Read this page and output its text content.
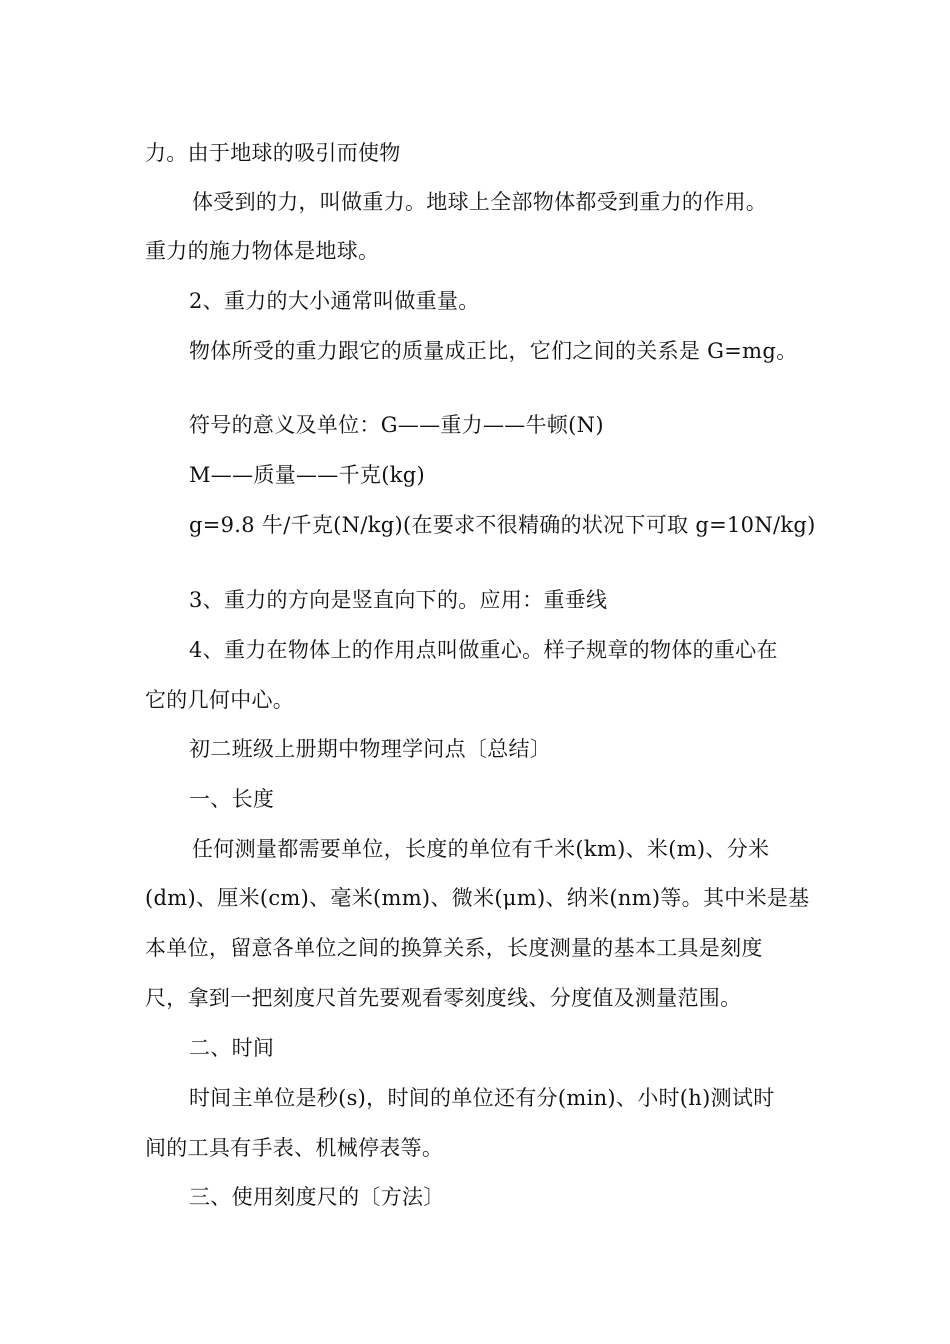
力。由于地球的吸引而使物
体受到的力，叫做重力。地球上全部物体都受到重力的作用。
重力的施力物体是地球。
2、重力的大小通常叫做重量。
物体所受的重力跟它的质量成正比，它们之间的关系是 G=mg。
符号的意义及单位：G——重力——牛顿(N)
M——质量——千克(kg)
g=9.8 牛/千克(N/kg)(在要求不很精确的状况下可取 g=10N/kg)
3、重力的方向是竖直向下的。应用：重垂线
4、重力在物体上的作用点叫做重心。样子规章的物体的重心在
它的几何中心。
初二班级上册期中物理学问点〔总结〕
一、长度
任何测量都需要单位，长度的单位有千米(km)、米(m)、分米
(dm)、厘米(cm)、毫米(mm)、微米(μm)、纳米(nm)等。其中米是基
本单位，留意各单位之间的换算关系，长度测量的基本工具是刻度
尺，拿到一把刻度尺首先要观看零刻度线、分度值及测量范围。
二、时间
时间主单位是秒(s)，时间的单位还有分(min)、小时(h)测试时
间的工具有手表、机械停表等。
三、使用刻度尺的〔方法〕
